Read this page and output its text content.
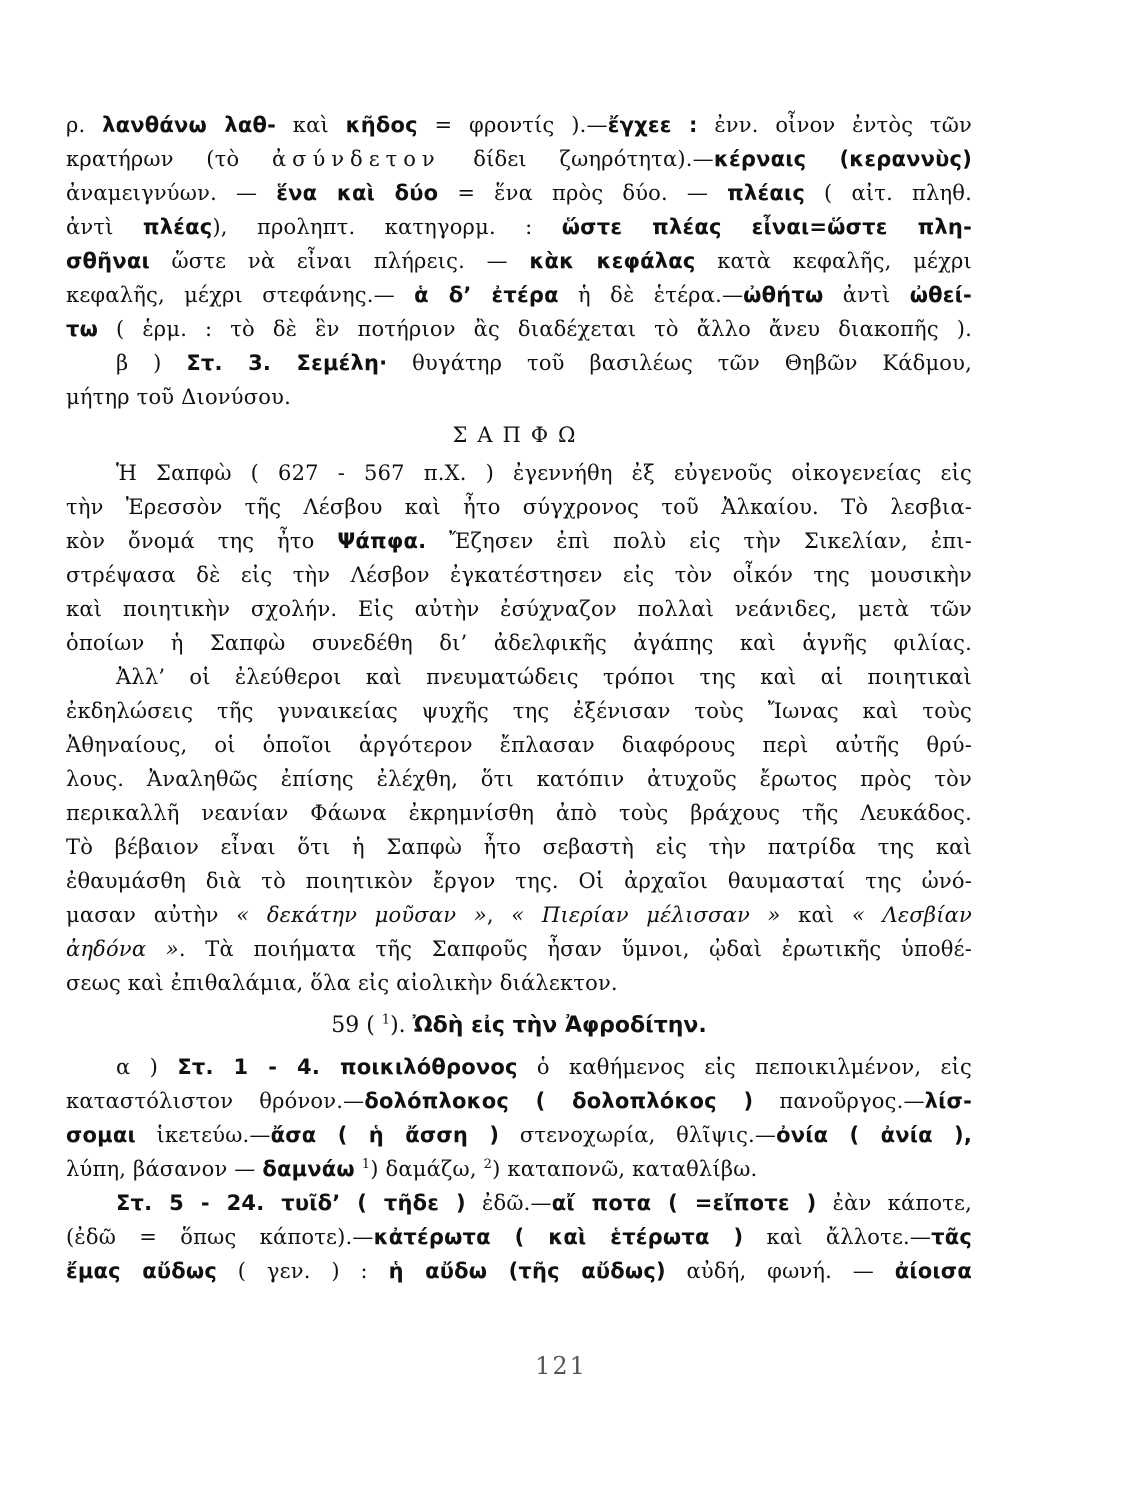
ρ. λανθάνω λαθ- καὶ κῆδος = φροντίς ).—ἔγχεε : ἐνν. οἶνον ἐντὸς τῶν
κρατήρων (τὸ ἀσύνδετον δίδει ζωηρότητα).—κέρναις (κεραννὺς)
ἀναμειγνύων. — ἕνα καὶ δύο = ἕνα πρὸς δύο. — πλέαις ( αἰτ. πληθ.
ἀντὶ πλέας), προληπτ. κατηγορμ. : ὥστε πλέας εἶναι=ὥστε πλη-
σθῆναι ὥστε νὰ εἶναι πλήρεις. — κὰκ κεφάλας κατὰ κεφαλῆς, μέχρι
κεφαλῆς, μέχρι στεφάνης.— ἁ δ’ ἐτέρα ἡ δὲ ἑτέρα.—ὠθήτω ἀντὶ ὠθεί-
τω ( ἑρμ. : τὸ δὲ ἓν ποτήριον ἂς διαδέχεται τὸ ἄλλο ἄνευ διακοπῆς ).
β ) Στ. 3. Σεμέλη· θυγάτηρ τοῦ βασιλέως τῶν Θηβῶν Κάδμου,
μήτηρ τοῦ Διονύσου.
ΣΑΠΦΩ
Ἡ Σαπφὼ ( 627 - 567 π.Χ. ) ἐγεννήθη ἐξ εὐγενοῦς οἰκογενείας εἰς
τὴν Ἐρεσσὸν τῆς Λέσβου καὶ ἦτο σύγχρονος τοῦ Ἀλκαίου. Τὸ λεσβια-
κὸν ὄνομά της ἦτο Ψάπφα. Ἔζησεν ἐπὶ πολὺ εἰς τὴν Σικελίαν, ἐπι-
στρέψασα δὲ εἰς τὴν Λέσβον ἐγκατέστησεν εἰς τὸν οἶκόν της μουσικὴν
καὶ ποιητικὴν σχολήν. Εἰς αὐτὴν ἐσύχναζον πολλαὶ νεάνιδες, μετὰ τῶν
ὁποίων ἡ Σαπφὼ συνεδέθη δι’ ἀδελφικῆς ἀγάπης καὶ ἁγνῆς φιλίας.
Ἀλλ’ οἱ ἐλεύθεροι καὶ πνευματώδεις τρόποι της καὶ αἱ ποιητικαὶ
ἐκδηλώσεις τῆς γυναικείας ψυχῆς της ἐξένισαν τοὺς Ἴωνας καὶ τοὺς
Ἀθηναίους, οἱ ὁποῖοι ἀργότερον ἔπλασαν διαφόρους περὶ αὐτῆς θρύ-
λους. Ἀναληθῶς ἐπίσης ἐλέχθη, ὅτι κατόπιν ἀτυχοῦς ἔρωτος πρὸς τὸν
περικαλλῆ νεανίαν Φάωνα ἐκρημνίσθη ἀπὸ τοὺς βράχους τῆς Λευκάδος.
Τὸ βέβαιον εἶναι ὅτι ἡ Σαπφὼ ἦτο σεβαστὴ εἰς τὴν πατρίδα της καὶ
ἐθαυμάσθη διὰ τὸ ποιητικὸν ἔργον της. Οἱ ἀρχαῖοι θαυμασταί της ὠνό-
μασαν αὐτὴν « δεκάτην μοῦσαν », « Πιερίαν μέλισσαν » καὶ « Λεσβίαν
ἀηδόνα ». Τὰ ποιήματα τῆς Σαπφοῦς ἦσαν ὕμνοι, ᾠδαὶ ἐρωτικῆς ὑποθέ-
σεως καὶ ἐπιθαλάμια, ὅλα εἰς αἰολικὴν διάλεκτον.
59 ( $^1$). Ὠδὴ εἰς τὴν Ἀφροδίτην.
α ) Στ. 1 - 4. ποικιλόθρονος ὁ καθήμενος εἰς πεποικιλμένον, εἰς
καταστόλιστον θρόνον.—δολόπλοκος ( δολοπλόκος ) πανοῦργος.—λίσ-
σομαι ἱκετεύω.—ἄσα ( ἡ ἄσση ) στενοχωρία, θλῖψις.—ὀνία ( ἀνία ),
λύπη, βάσανον — δαμνάω $^1$) δαμάζω, $^2$) καταπονῶ, καταθλίβω.
Στ. 5 - 24. τυῖδ’ ( τῆδε ) ἐδῶ.—αἴ ποτα ( =εἴποτε ) ἐὰν κάποτε,
(ἐδῶ = ὅπως κάποτε).—κἀτέρωτα ( καὶ ἑτέρωτα ) καὶ ἄλλοτε.—τᾶς
ἔμας αὔδως ( γεν. ) : ἡ αὔδω (τῆς αὔδως) αὐδή, φωνή. — ἀίοισα
121
